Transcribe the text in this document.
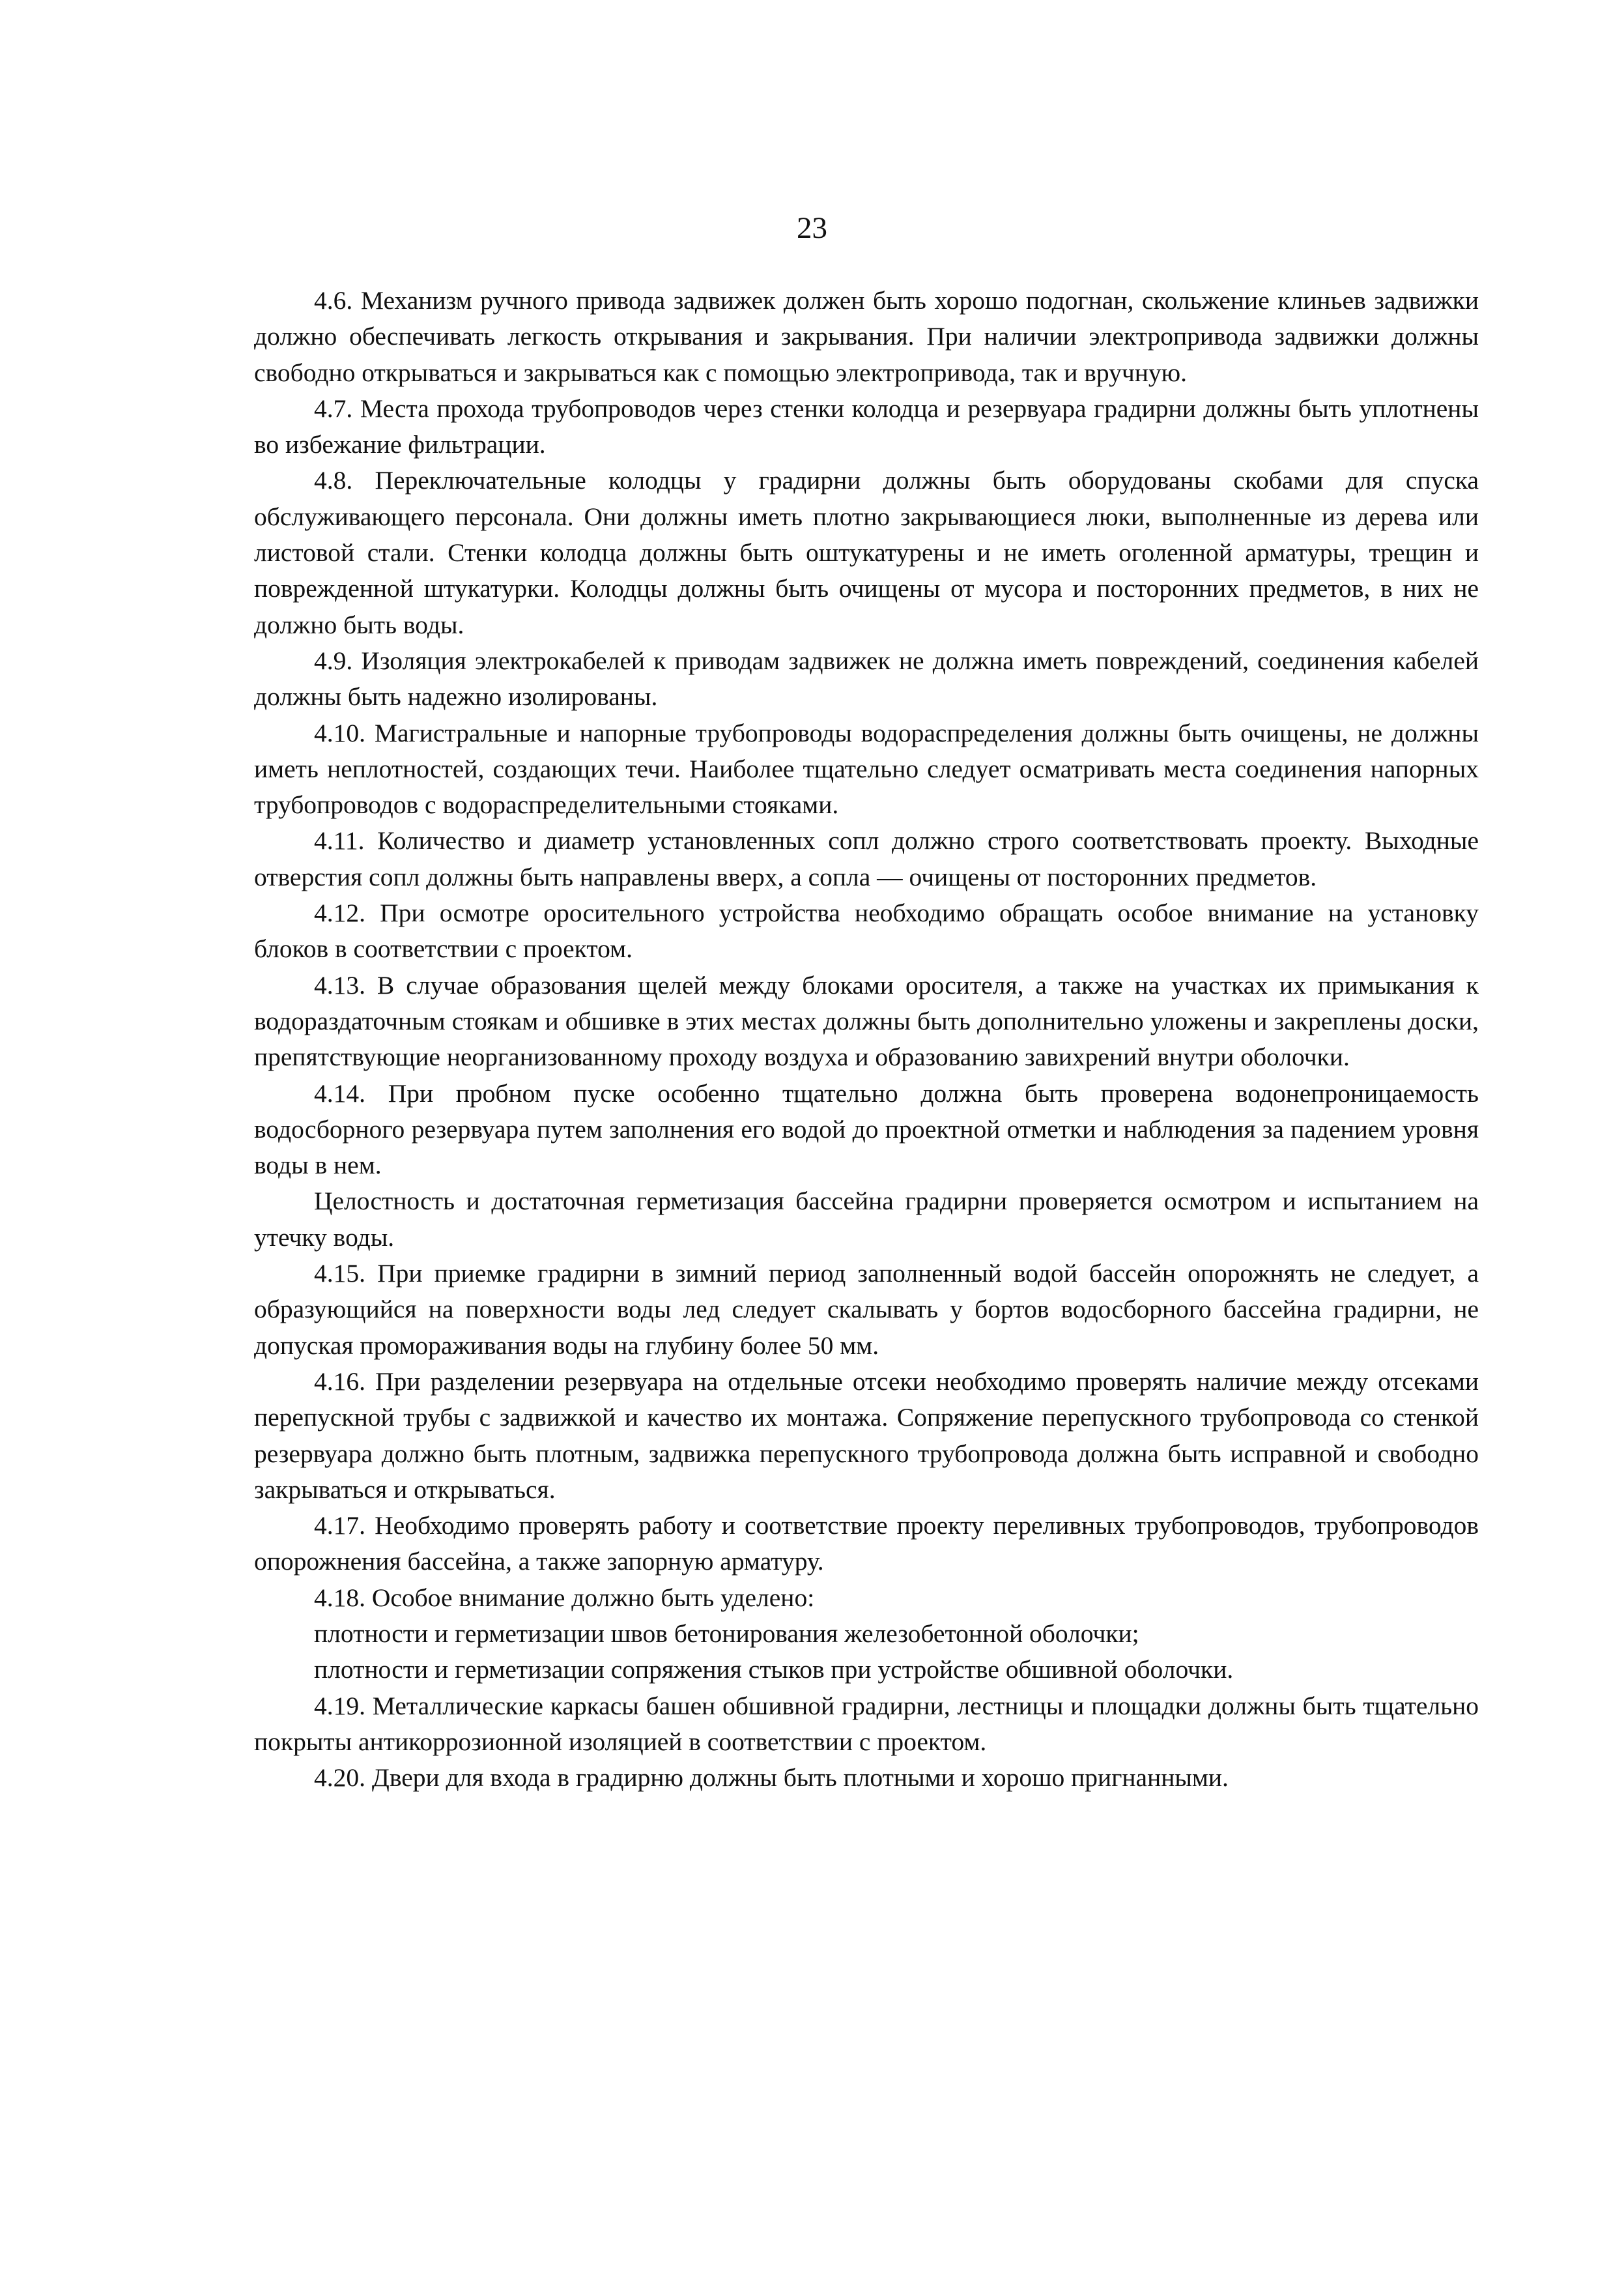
23

4.6. Механизм ручного привода задвижек должен быть хорошо подогнан, скольжение клиньев задвижки должно обеспечивать легкость открывания и закрывания. При наличии электропривода задвижки должны свободно открываться и закрываться как с помощью электропривода, так и вручную.

4.7. Места прохода трубопроводов через стенки колодца и резервуара градирни должны быть уплотнены во избежание фильтрации.

4.8. Переключательные колодцы у градирни должны быть оборудованы скобами для спуска обслуживающего персонала. Они должны иметь плотно закрывающиеся люки, выполненные из дерева или листовой стали. Стенки колодца должны быть оштукатурены и не иметь оголенной арматуры, трещин и поврежденной штукатурки. Колодцы должны быть очищены от мусора и посторонних предметов, в них не должно быть воды.

4.9. Изоляция электрокабелей к приводам задвижек не должна иметь повреждений, соединения кабелей должны быть надежно изолированы.

4.10. Магистральные и напорные трубопроводы водораспределения должны быть очищены, не должны иметь неплотностей, создающих течи. Наиболее тщательно следует осматривать места соединения напорных трубопроводов с водораспределительными стояками.

4.11. Количество и диаметр установленных сопл должно строго соответствовать проекту. Выходные отверстия сопл должны быть направлены вверх, а сопла — очищены от посторонних предметов.

4.12. При осмотре оросительного устройства необходимо обращать особое внимание на установку блоков в соответствии с проектом.

4.13. В случае образования щелей между блоками оросителя, а также на участках их примыкания к водораздаточным стоякам и обшивке в этих местах должны быть дополнительно уложены и закреплены доски, препятствующие неорганизованному проходу воздуха и образованию завихрений внутри оболочки.

4.14. При пробном пуске особенно тщательно должна быть проверена водонепроницаемость водосборного резервуара путем заполнения его водой до проектной отметки и наблюдения за падением уровня воды в нем.

Целостность и достаточная герметизация бассейна градирни проверяется осмотром и испытанием на утечку воды.

4.15. При приемке градирни в зимний период заполненный водой бассейн опорожнять не следует, а образующийся на поверхности воды лед следует скалывать у бортов водосборного бассейна градирни, не допуская промораживания воды на глубину более 50 мм.

4.16. При разделении резервуара на отдельные отсеки необходимо проверять наличие между отсеками перепускной трубы с задвижкой и качество их монтажа. Сопряжение перепускного трубопровода со стенкой резервуара должно быть плотным, задвижка перепускного трубопровода должна быть исправной и свободно закрываться и открываться.

4.17. Необходимо проверять работу и соответствие проекту переливных трубопроводов, трубопроводов опорожнения бассейна, а также запорную арматуру.

4.18. Особое внимание должно быть уделено:

плотности и герметизации швов бетонирования железобетонной оболочки;

плотности и герметизации сопряжения стыков при устройстве обшивной оболочки.

4.19. Металлические каркасы башен обшивной градирни, лестницы и площадки должны быть тщательно покрыты антикоррозионной изоляцией в соответствии с проектом.

4.20. Двери для входа в градирню должны быть плотными и хорошо пригнанными.
